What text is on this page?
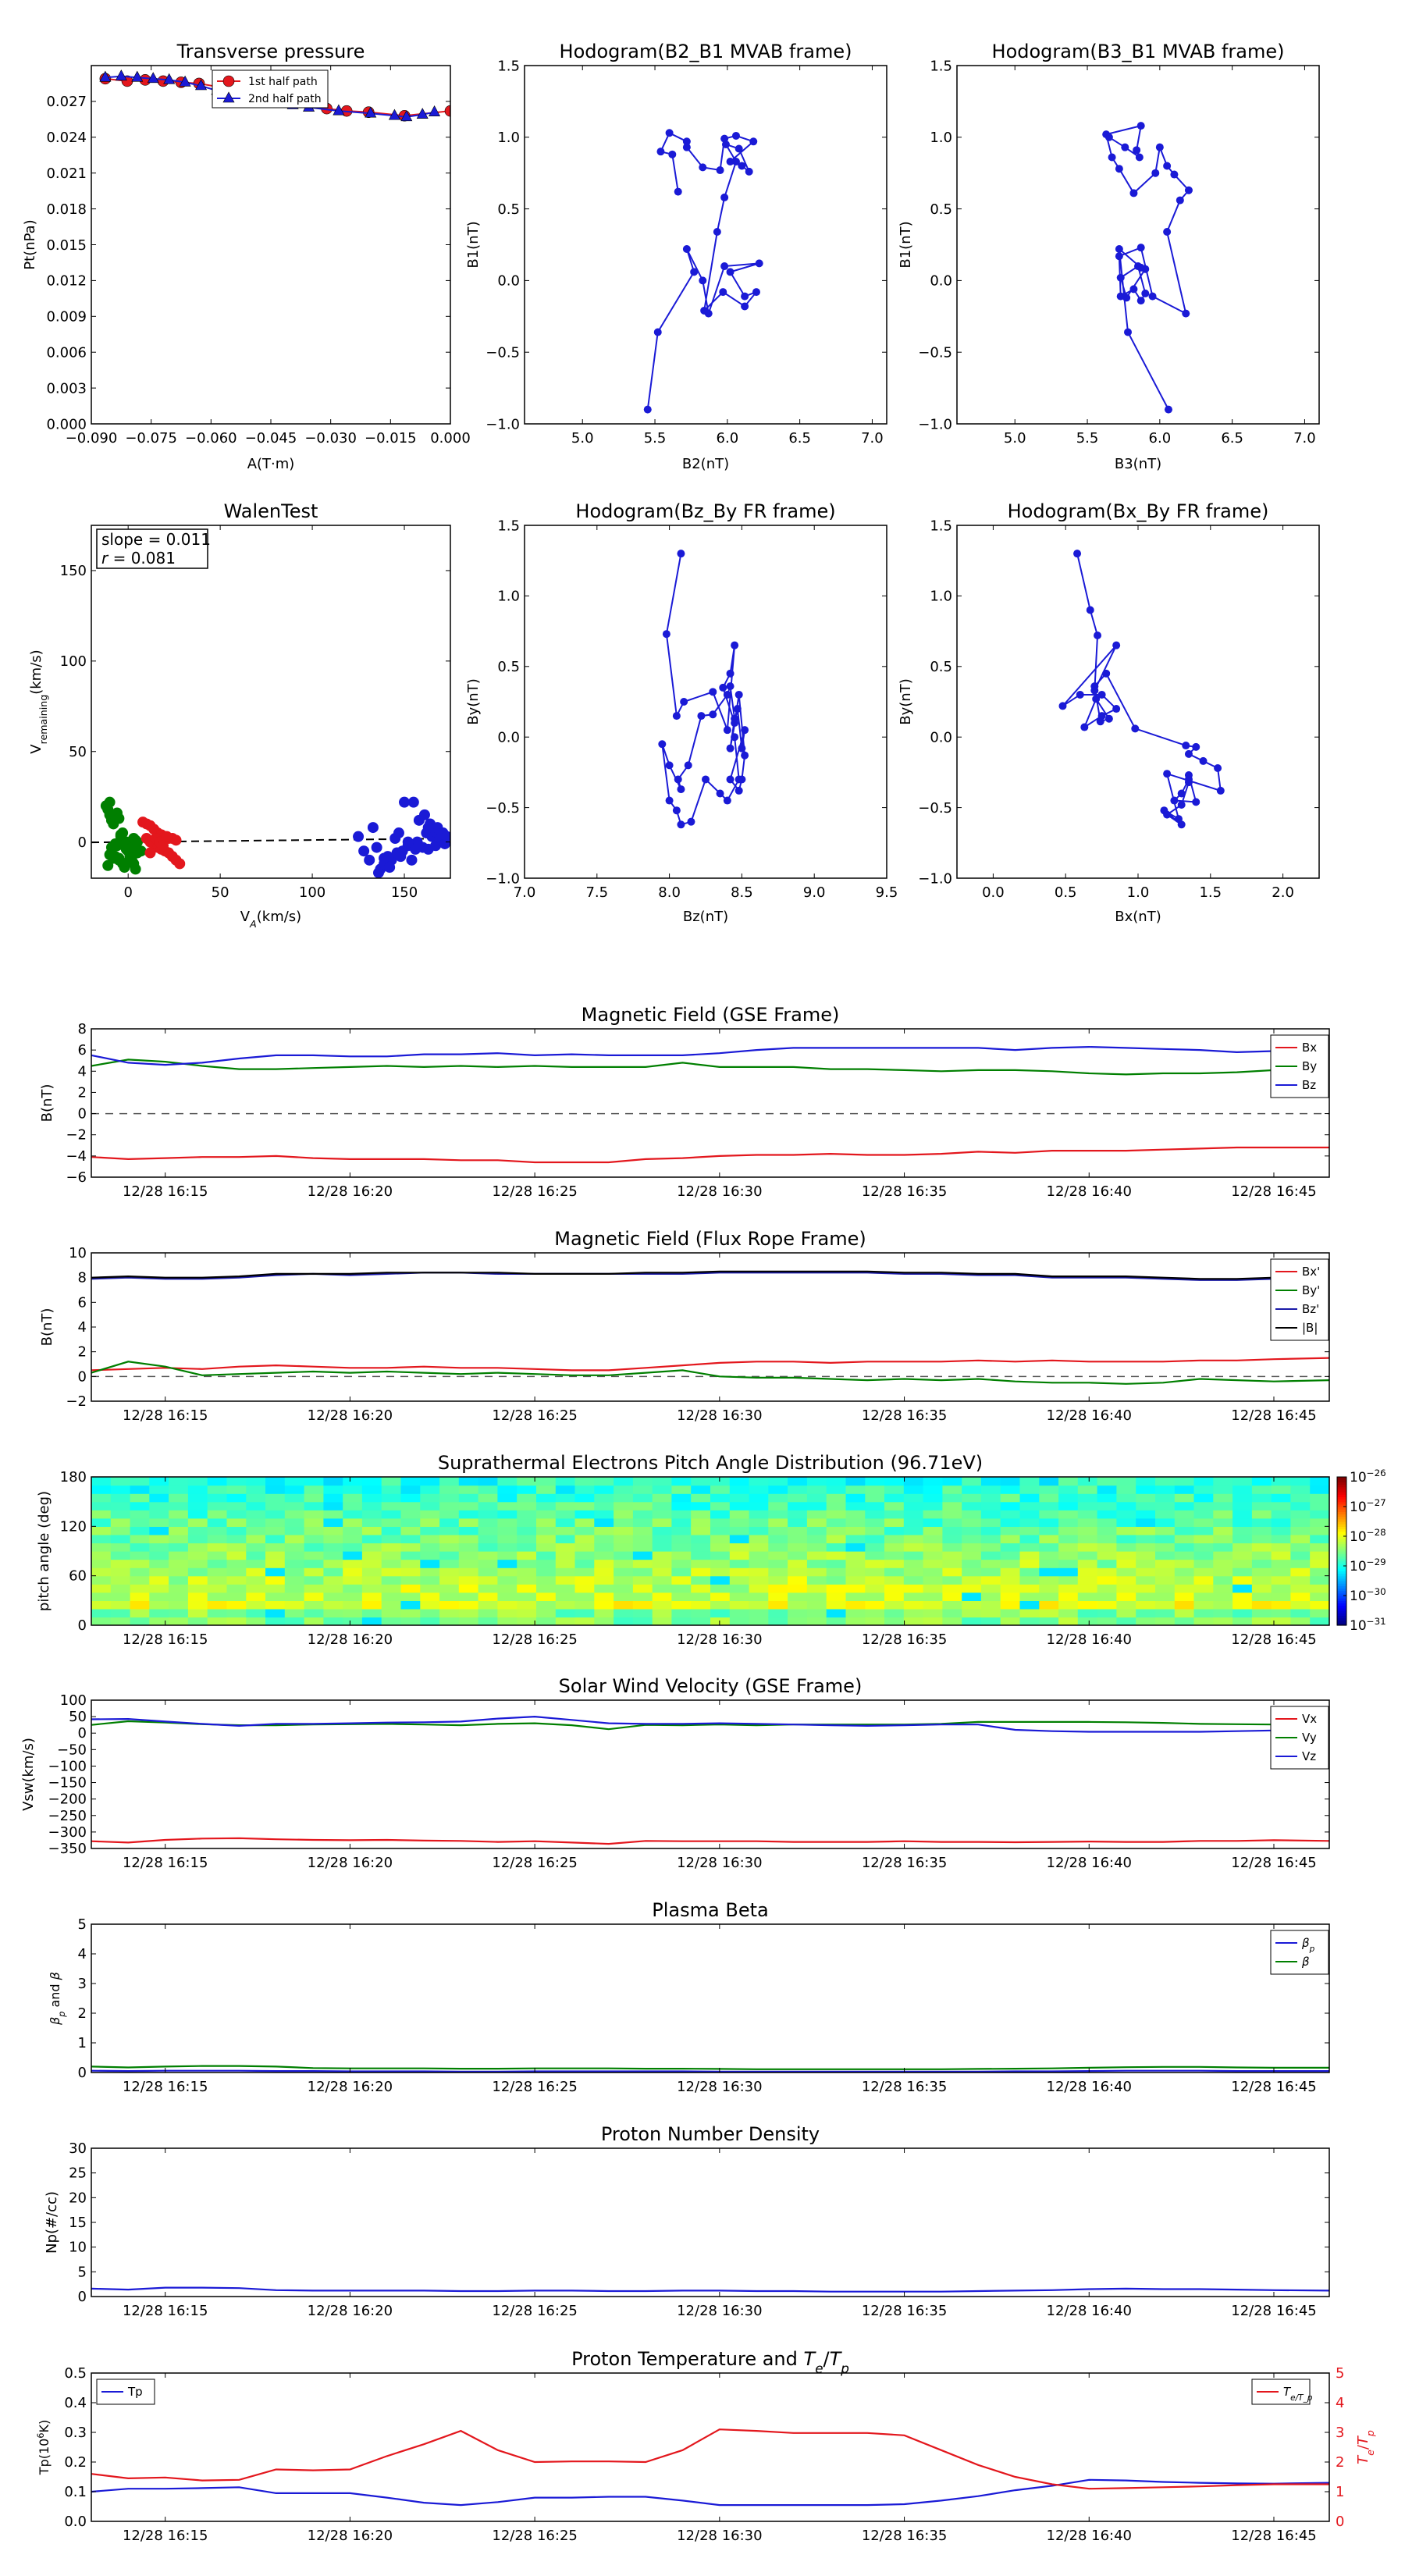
Transverse pressure
0.000
0.003
0.006
0.009
0.012
0.015
0.018
0.021
0.024
0.027
−0.090 −0.075 −0.060 −0.045 −0.030 −0.015 0.000
A(T·m)
Pt(nPa)
1st half path
2nd half path
Hodogram(B2_B1 MVAB frame)
−1.0
−0.5
0.0
0.5
1.0
1.5
5.0	5.5	6.0	6.5	7.0
B2(nT)
B1(nT)
Hodogram(B3_B1 MVAB frame)
−1.0
−0.5
0.0
0.5
1.0
1.5
5.0	5.5	6.0	6.5	7.0
B3(nT)
B1(nT)
WalenTest
0
50
100
150
0	50	100	150
$V_A(km/s)$
$V_{remaining}(km/s)$
slope = 0.011
r = 0.081
Hodogram(Bz_By FR frame)
−1.0
−0.5
0.0
0.5
1.0
1.5
7.0	7.5	8.0	8.5	9.0	9.5
Bz(nT)
By(nT)
Hodogram(Bx_By FR frame)
−1.0
−0.5
0.0
0.5
1.0
1.5
0.0	0.5	1.0	1.5	2.0
Bx(nT)
By(nT)
Magnetic Field (GSE Frame)
−6
−4
−2
0
2
4
6
8
12/28 16:15	12/28 16:20	12/28 16:25	12/28 16:30	12/28 16:35	12/28 16:40	12/28 16:45
B(nT)
Bx
By
Bz
Magnetic Field (Flux Rope Frame)
−2
0
2
4
6
8
10
12/28 16:15	12/28 16:20	12/28 16:25	12/28 16:30	12/28 16:35	12/28 16:40	12/28 16:45
B(nT)
Bx'
By'
Bz'
|B|
Suprathermal Electrons Pitch Angle Distribution (96.71eV)
0
60
120
180
12/28 16:15	12/28 16:20	12/28 16:25	12/28 16:30	12/28 16:35	12/28 16:40	12/28 16:45
pitch angle (deg)
$10^{-26}$
$10^{-27}$
$10^{-28}$
$10^{-29}$
$10^{-30}$
$10^{-31}$
Solar Wind Velocity (GSE Frame)
−350
−300
−250
−200
−150
−100
−50
0
50
100
12/28 16:15	12/28 16:20	12/28 16:25	12/28 16:30	12/28 16:35	12/28 16:40	12/28 16:45
Vsw(km/s)
Vx
Vy
Vz
Plasma Beta
0
1
2
3
4
5
12/28 16:15	12/28 16:20	12/28 16:25	12/28 16:30	12/28 16:35	12/28 16:40	12/28 16:45
$\beta_p$ and β
$\beta_p$
β
Proton Number Density
0
5
10
15
20
25
30
12/28 16:15	12/28 16:20	12/28 16:25	12/28 16:30	12/28 16:35	12/28 16:40	12/28 16:45
Np(#/cc)
Proton Temperature and $T_e/T_p$
0.0
0.1
0.2
0.3
0.4
0.5
12/28 16:15	12/28 16:20	12/28 16:25	12/28 16:30	12/28 16:35	12/28 16:40	12/28 16:45
0
1
2
3
4
5
$Tp(10^6K)$
$T_e/T_p$
Tp	$T_{e/T\_p}$
